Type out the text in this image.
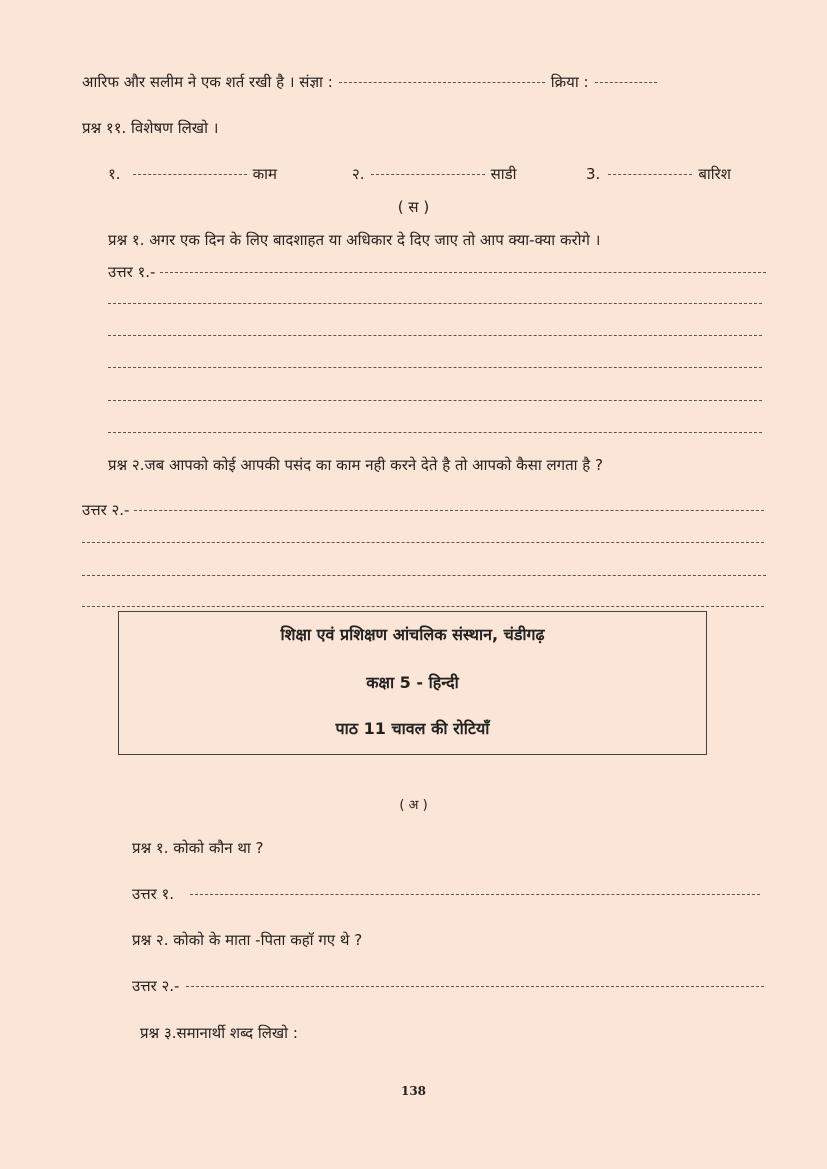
आरिफ और सलीम ने एक शर्त रखी है । संज्ञा :	क्रिया :
प्रश्न ११. विशेषण लिखो ।
१.	काम	२.	साडी	3.	बारिश
( स )
प्रश्न १. अगर एक दिन के लिए बादशाहत या अधिकार दे दिए जाए तो आप क्या-क्या करोगे ।
उत्तर १.-
प्रश्न २.जब आपको कोई आपकी पसंद का काम नही करने देते है तो आपको कैसा लगता है ?
उत्तर २.-
शिक्षा एवं प्रशिक्षण आंचलिक संस्थान, चंडीगढ़
कक्षा 5 - हिन्दी
पाठ 11 चावल की रोटियाँ
( अ )
प्रश्न १. कोको कौन था ?
उत्तर १.
प्रश्न २. कोको के माता -पिता कहाॅ गए थे ?
उत्तर २.-
प्रश्न ३.समानार्थी शब्द लिखो :
138
